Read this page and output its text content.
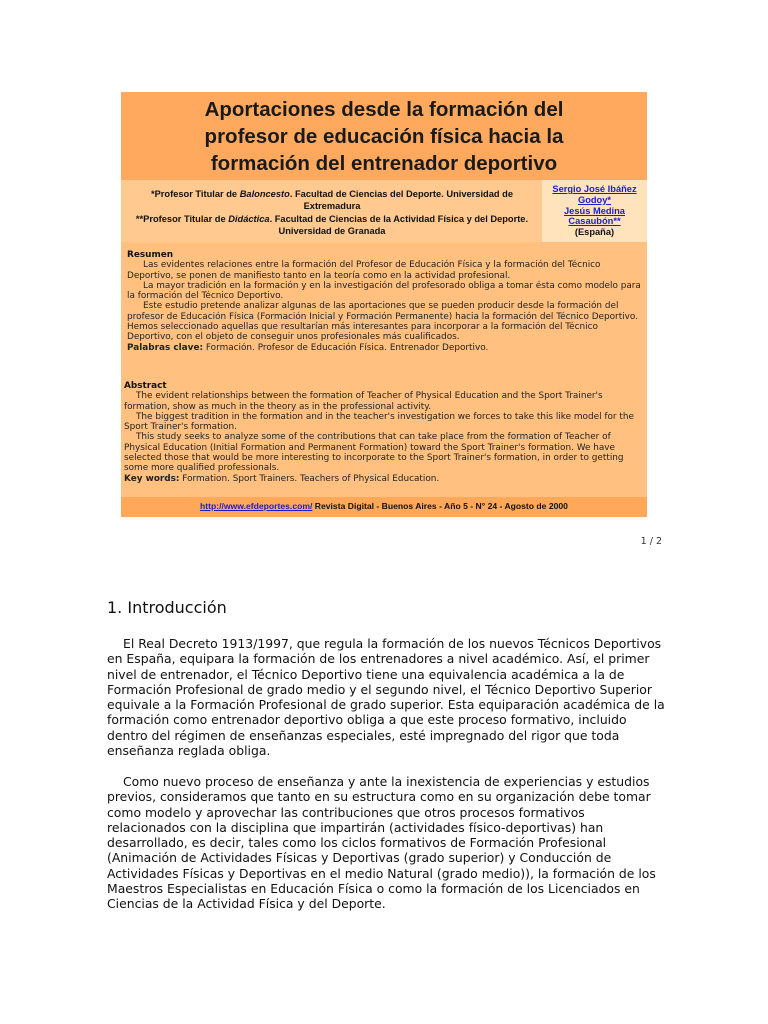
Aportaciones desde la formación del
profesor de educación física hacia la
formación del entrenador deportivo
*Profesor Titular de Baloncesto. Facultad de Ciencias del Deporte. Universidad de Extremadura
**Profesor Titular de Didáctica. Facultad de Ciencias de la Actividad Física y del Deporte. Universidad de Granada
Sergio José Ibáñez Godoy*
Jesús Medina Casaubón**
(España)
Resumen

Las evidentes relaciones entre la formación del Profesor de Educación Física y la formación del Técnico Deportivo, se ponen de manifiesto tanto en la teoría como en la actividad profesional.

La mayor tradición en la formación y en la investigación del profesorado obliga a tomar ésta como modelo para la formación del Técnico Deportivo.

Este estudio pretende analizar algunas de las aportaciones que se pueden producir desde la formación del profesor de Educación Física (Formación Inicial y Formación Permanente) hacia la formación del Técnico Deportivo. Hemos seleccionado aquellas que resultarían más interesantes para incorporar a la formación del Técnico Deportivo, con el objeto de conseguir unos profesionales más cualificados.

Palabras clave: Formación. Profesor de Educación Física. Entrenador Deportivo.

Abstract

The evident relationships between the formation of Teacher of Physical Education and the Sport Trainer's formation, show as much in the theory as in the professional activity.

The biggest tradition in the formation and in the teacher's investigation we forces to take this like model for the Sport Trainer's formation.

This study seeks to analyze some of the contributions that can take place from the formation of Teacher of Physical Education (Initial Formation and Permanent Formation) toward the Sport Trainer's formation. We have selected those that would be more interesting to incorporate to the Sport Trainer's formation, in order to getting some more qualified professionals.

Key words: Formation. Sport Trainers. Teachers of Physical Education.

http://www.efdeportes.com/ Revista Digital - Buenos Aires - Año 5 - N° 24 - Agosto de 2000
1 / 2
1. Introducción

El Real Decreto 1913/1997, que regula la formación de los nuevos Técnicos Deportivos en España, equipara la formación de los entrenadores a nivel académico. Así, el primer nivel de entrenador, el Técnico Deportivo tiene una equivalencia académica a la de Formación Profesional de grado medio y el segundo nivel, el Técnico Deportivo Superior equivale a la Formación Profesional de grado superior. Esta equiparación académica de la formación como entrenador deportivo obliga a que este proceso formativo, incluido dentro del régimen de enseñanzas especiales, esté impregnado del rigor que toda enseñanza reglada obliga.

Como nuevo proceso de enseñanza y ante la inexistencia de experiencias y estudios previos, consideramos que tanto en su estructura como en su organización debe tomar como modelo y aprovechar las contribuciones que otros procesos formativos relacionados con la disciplina que impartirán (actividades físico-deportivas) han desarrollado, es decir, tales como los ciclos formativos de Formación Profesional (Animación de Actividades Físicas y Deportivas (grado superior) y Conducción de Actividades Físicas y Deportivas en el medio Natural (grado medio)), la formación de los Maestros Especialistas en Educación Física o como la formación de los Licenciados en Ciencias de la Actividad Física y del Deporte.
